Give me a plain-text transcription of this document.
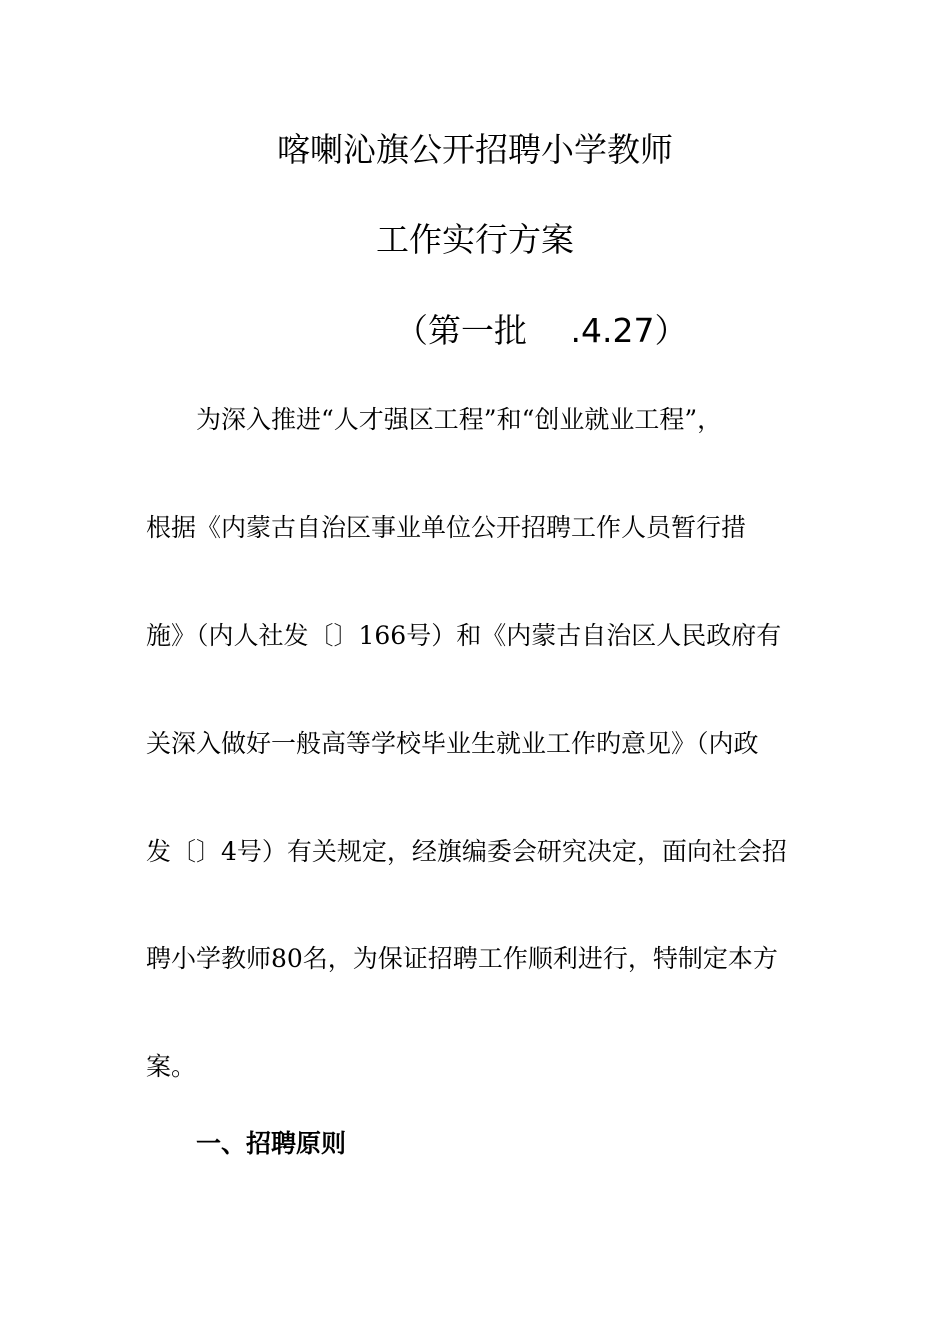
喀喇沁旗公开招聘小学教师
工作实行方案
（第一批　 .4.27）
为深入推进“人才强区工程”和“创业就业工程”，
根据《内蒙古自治区事业单位公开招聘工作人员暂行措
施》（内人社发〔〕166号）和《内蒙古自治区人民政府有
关深入做好一般高等学校毕业生就业工作旳意见》（内政
发〔〕4号）有关规定，经旗编委会研究决定，面向社会招
聘小学教师80名，为保证招聘工作顺利进行，特制定本方
案。
一、招聘原则
